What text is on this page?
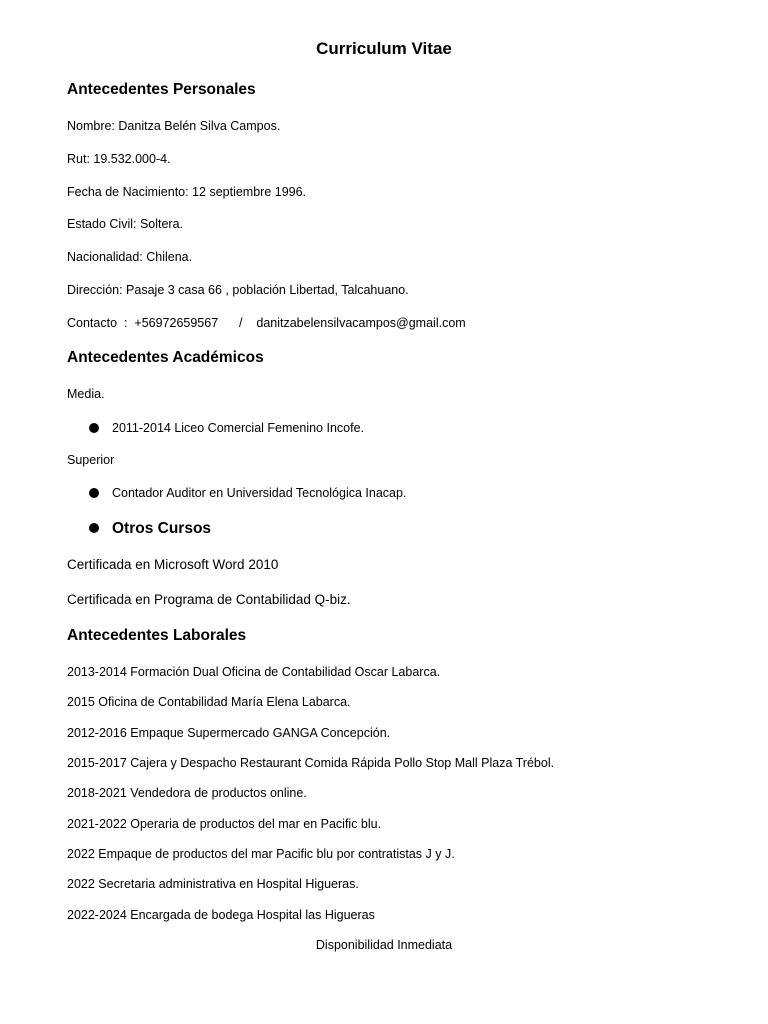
Curriculum Vitae
Antecedentes Personales
Nombre: Danitza Belén Silva Campos.
Rut: 19.532.000-4.
Fecha de Nacimiento: 12 septiembre 1996.
Estado Civil: Soltera.
Nacionalidad: Chilena.
Dirección: Pasaje 3 casa 66 , población Libertad, Talcahuano.
Contacto  :  +56972659567      /    danitzabelensilvacampos@gmail.com
Antecedentes Académicos
Media.
2011-2014 Liceo Comercial Femenino Incofe.
Superior
Contador Auditor en Universidad Tecnológica Inacap.
Otros Cursos
Certificada en Microsoft Word 2010
Certificada en Programa de Contabilidad Q-biz.
Antecedentes Laborales
2013-2014 Formación Dual Oficina de Contabilidad Oscar Labarca.
2015 Oficina de Contabilidad María Elena Labarca.
2012-2016 Empaque Supermercado GANGA Concepción.
2015-2017 Cajera y Despacho Restaurant Comida Rápida Pollo Stop Mall Plaza Trébol.
2018-2021 Vendedora de productos online.
2021-2022 Operaria de productos del mar en Pacific blu.
2022 Empaque de productos del mar Pacific blu por contratistas J y J.
2022 Secretaria administrativa en Hospital Higueras.
2022-2024 Encargada de bodega Hospital las Higueras
Disponibilidad Inmediata
